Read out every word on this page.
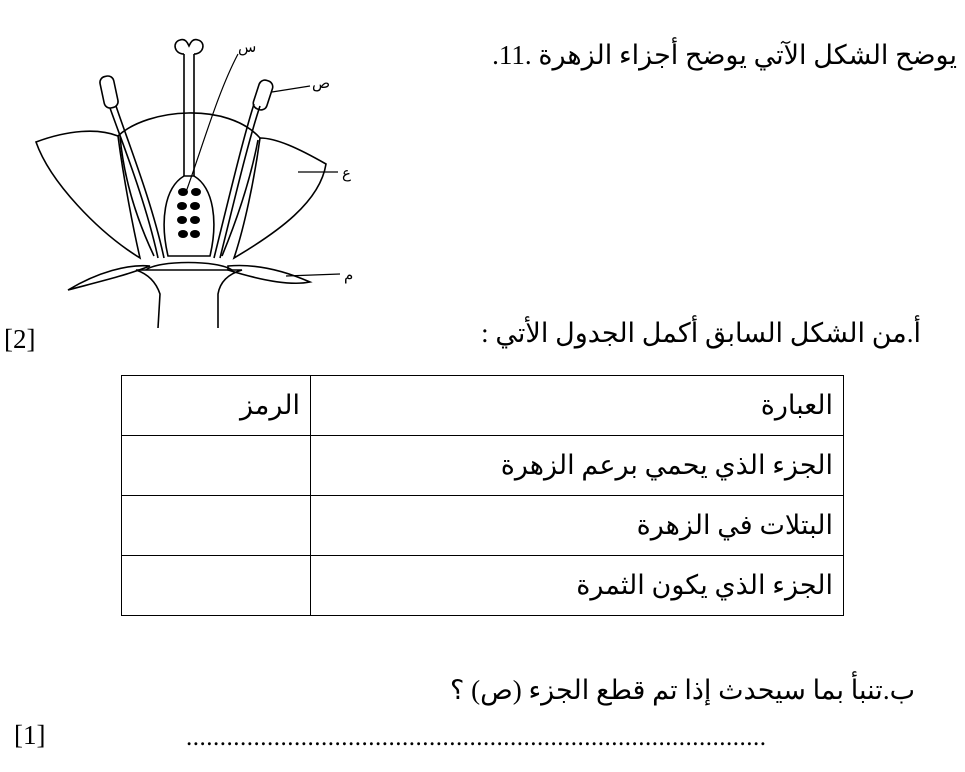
يوضح الشكل الآتي يوضح أجزاء الزهرة .11.
س
ص
ع
م
أ.من الشكل السابق أكمل الجدول الأتي :
[2]
الرمز	العبارة
	الجزء الذي يحمي برعم الزهرة
	البتلات في الزهرة
	الجزء الذي يكون الثمرة
ب.تنبأ بما سيحدث إذا تم قطع الجزء (ص) ؟
[1]	......................................................................................
